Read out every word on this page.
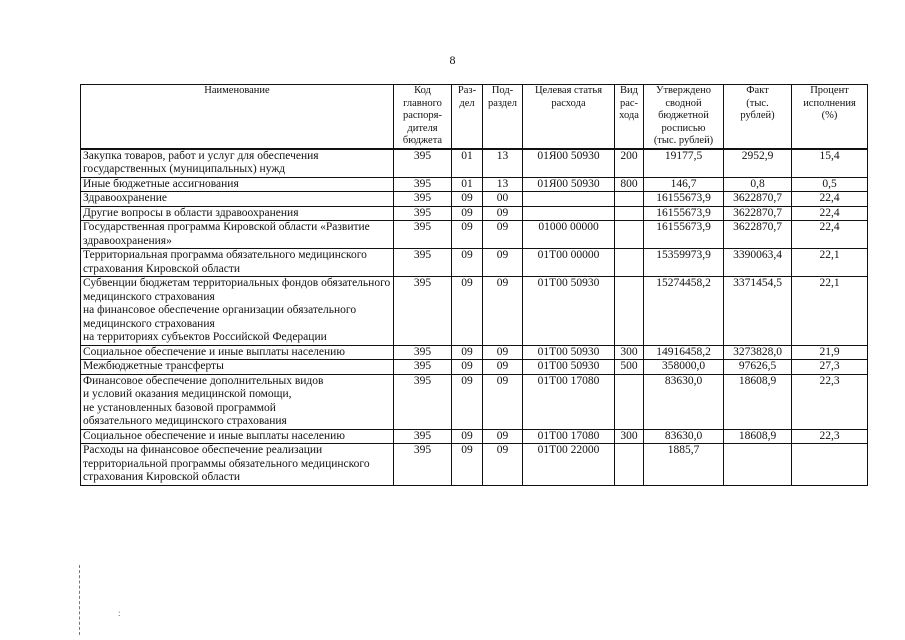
8
Наименование	Код
главного
распоря-
дителя
бюджета	Раз-
дел	Под-
раздел	Целевая статья
расхода	Вид
рас-
хода	Утверждено
сводной
бюджетной
росписью
(тыс. рублей)	Факт
(тыс.
рублей)	Процент
исполнения
(%)
Закупка товаров, работ и услуг для обеспечения государственных (муниципальных) нужд	395	01	13	01Я00 50930	200	19177,5	2952,9	15,4
Иные бюджетные ассигнования	395	01	13	01Я00 50930	800	146,7	0,8	0,5
Здравоохранение	395	09	00			16155673,9	3622870,7	22,4
Другие вопросы в области здравоохранения	395	09	09			16155673,9	3622870,7	22,4
Государственная программа Кировской области «Развитие здравоохранения»	395	09	09	01000 00000		16155673,9	3622870,7	22,4
Территориальная программа обязательного медицинского страхования Кировской области	395	09	09	01Т00 00000		15359973,9	3390063,4	22,1
Субвенции бюджетам территориальных фондов обязательного медицинского страхования
на финансовое обеспечение организации обязательного медицинского страхования
на территориях субъектов Российской Федерации	395	09	09	01Т00 50930		15274458,2	3371454,5	22,1
Социальное обеспечение и иные выплаты населению	395	09	09	01Т00 50930	300	14916458,2	3273828,0	21,9
Межбюджетные трансферты	395	09	09	01Т00 50930	500	358000,0	97626,5	27,3
Финансовое обеспечение дополнительных видов
и условий оказания медицинской помощи,
не установленных базовой программой
обязательного медицинского страхования	395	09	09	01Т00 17080		83630,0	18608,9	22,3
Социальное обеспечение и иные выплаты населению	395	09	09	01Т00 17080	300	83630,0	18608,9	22,3
Расходы на финансовое обеспечение реализации территориальной программы обязательного медицинского страхования Кировской области	395	09	09	01Т00 22000		1885,7		
:
